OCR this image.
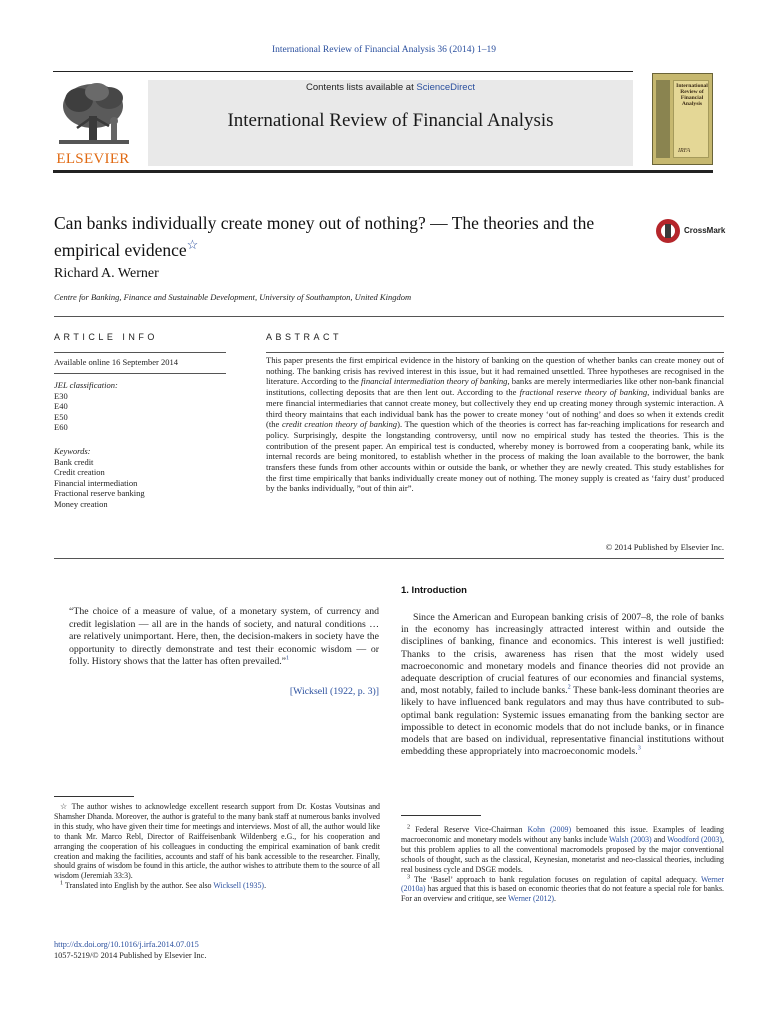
International Review of Financial Analysis 36 (2014) 1–19
ELSEVIER
Contents lists available at ScienceDirect
International Review of Financial Analysis
International Review of Financial Analysis
IRFA
Can banks individually create money out of nothing? — The theories and the empirical evidence☆
CrossMark
Richard A. Werner
Centre for Banking, Finance and Sustainable Development, University of Southampton, United Kingdom
ARTICLE INFO
Available online 16 September 2014
JEL classification:
E30
E40
E50
E60
Keywords:
Bank credit
Credit creation
Financial intermediation
Fractional reserve banking
Money creation
ABSTRACT
This paper presents the first empirical evidence in the history of banking on the question of whether banks can create money out of nothing. The banking crisis has revived interest in this issue, but it had remained unsettled. Three hypotheses are recognised in the literature. According to the financial intermediation theory of banking, banks are merely intermediaries like other non-bank financial institutions, collecting deposits that are then lent out. According to the fractional reserve theory of banking, individual banks are mere financial intermediaries that cannot create money, but collectively they end up creating money through systemic interaction. A third theory maintains that each individual bank has the power to create money ‘out of nothing’ and does so when it extends credit (the credit creation theory of banking). The question which of the theories is correct has far-reaching implications for research and policy. Surprisingly, despite the longstanding controversy, until now no empirical study has tested the theories. This is the contribution of the present paper. An empirical test is conducted, whereby money is borrowed from a cooperating bank, while its internal records are being monitored, to establish whether in the process of making the loan available to the borrower, the bank transfers these funds from other accounts within or outside the bank, or whether they are newly created. This study establishes for the first time empirically that banks individually create money out of nothing. The money supply is created as ‘fairy dust’ produced by the banks individually, ”out of thin air”.
© 2014 Published by Elsevier Inc.
“The choice of a measure of value, of a monetary system, of currency and credit legislation — all are in the hands of society, and natural conditions … are relatively unimportant. Here, then, the decision-makers in society have the opportunity to directly demonstrate and test their economic wisdom — or folly. History shows that the latter has often prevailed.”$^1$
[Wicksell (1922, p. 3)]
1. Introduction
Since the American and European banking crisis of 2007–8, the role of banks in the economy has increasingly attracted interest within and outside the disciplines of banking, finance and economics. This interest is well justified: Thanks to the crisis, awareness has risen that the most widely used macroeconomic and monetary models and finance theories did not provide an adequate description of crucial features of our economies and financial systems, and, most notably, failed to include banks.$^2$ These bank-less dominant theories are likely to have influenced bank regulators and may thus have contributed to sub-optimal bank regulation: Systemic issues emanating from the banking sector are impossible to detect in economic models that do not include banks, or in finance models that are based on individual, representative financial institutions without embedding these appropriately into macroeconomic models.$^3$
☆ The author wishes to acknowledge excellent research support from Dr. Kostas Voutsinas and Shamsher Dhanda. Moreover, the author is grateful to the many bank staff at numerous banks involved in this study, who have given their time for meetings and interviews. Most of all, the author would like to thank Mr. Marco Rebl, Director of Raiffeisenbank Wildenberg e.G., for his cooperation and arranging the cooperation of his colleagues in conducting the empirical examination of bank credit creation and making the facilities, accounts and staff of his bank accessible to the researcher. Finally, should grains of wisdom be found in this article, the author wishes to attribute them to the source of all wisdom (Jeremiah 33:3).
$^1$ Translated into English by the author. See also Wicksell (1935).
$^2$ Federal Reserve Vice-Chairman Kohn (2009) bemoaned this issue. Examples of leading macroeconomic and monetary models without any banks include Walsh (2003) and Woodford (2003), but this problem applies to all the conventional macromodels proposed by the major conventional schools of thought, such as the classical, Keynesian, monetarist and neo-classical theories, including real business cycle and DSGE models.
$^3$ The ‘Basel’ approach to bank regulation focuses on regulation of capital adequacy. Werner (2010a) has argued that this is based on economic theories that do not feature a special role for banks. For an overview and critique, see Werner (2012).
http://dx.doi.org/10.1016/j.irfa.2014.07.015
1057-5219/© 2014 Published by Elsevier Inc.
